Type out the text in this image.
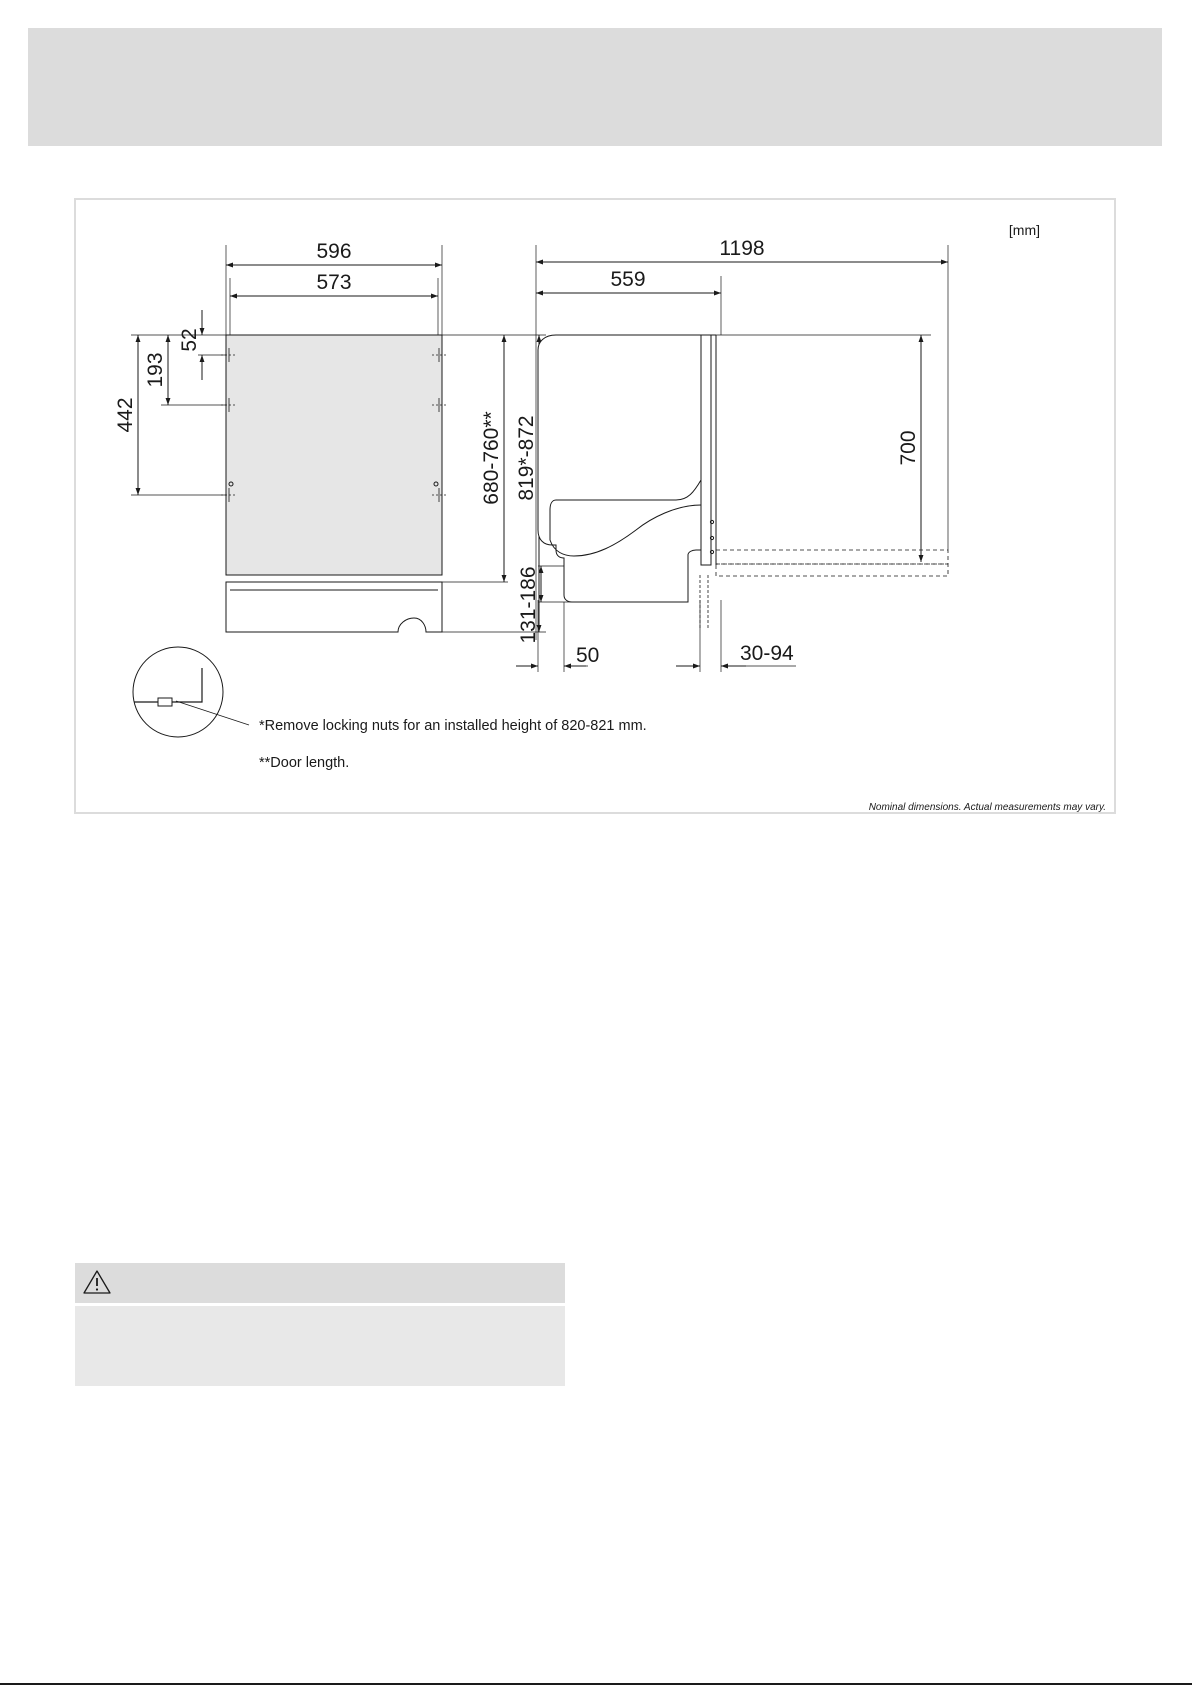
[mm]
596
573
52
193
442	680-760** 819*-872
1198
559
700
131-186
50	30-94
*Remove locking nuts for an installed height of 820-821 mm.
**Door length.
Nominal dimensions. Actual measurements may vary.
